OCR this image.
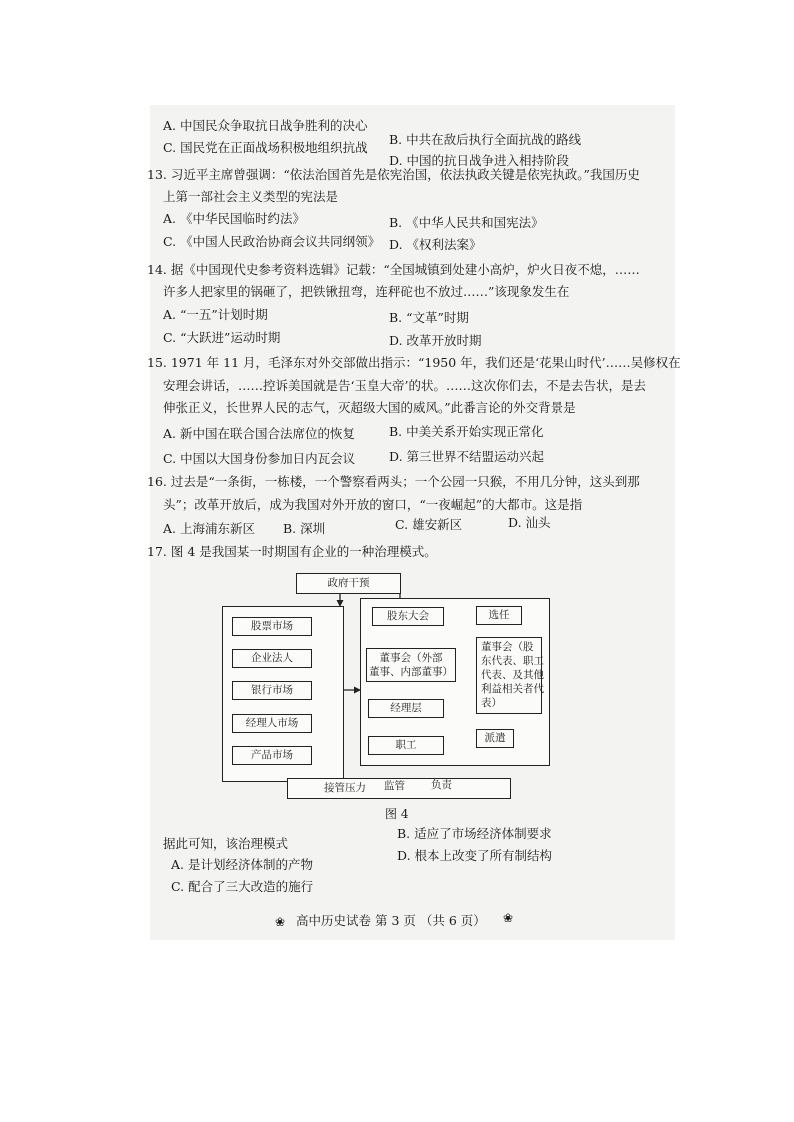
A. 中国民众争取抗日战争胜利的决心
B. 中共在敌后执行全面抗战的路线
C. 国民党在正面战场积极地组织抗战
D. 中国的抗日战争进入相持阶段
13. 习近平主席曾强调：“依法治国首先是依宪治国，依法执政关键是依宪执政。”我国历史
上第一部社会主义类型的宪法是
A. 《中华民国临时约法》	B. 《中华人民共和国宪法》
C. 《中国人民政治协商会议共同纲领》 D. 《权利法案》
14. 据《中国现代史参考资料选辑》记载：“全国城镇到处建小高炉，炉火日夜不熄，……
许多人把家里的锅砸了，把铁锹扭弯，连秤砣也不放过……”该现象发生在
A. “一五”计划时期	B. “文革”时期
C. “大跃进”运动时期	D. 改革开放时期
15. 1971 年 11 月，毛泽东对外交部做出指示：“1950 年，我们还是‘花果山时代’……吴修权在
安理会讲话，……控诉美国就是告‘玉皇大帝’的状。……这次你们去，不是去告状，是去
伸张正义，长世界人民的志气，灭超级大国的威风。”此番言论的外交背景是
A. 新中国在联合国合法席位的恢复	B. 中美关系开始实现正常化
C. 中国以大国身份参加日内瓦会议	D. 第三世界不结盟运动兴起
16. 过去是“一条街，一栋楼，一个警察看两头；一个公园一只猴，不用几分钟，这头到那
头”；改革开放后，成为我国对外开放的窗口，“一夜崛起”的大都市。这是指
A. 上海浦东新区 B. 深圳	C. 雄安新区	D. 汕头
17. 图 4 是我国某一时期国有企业的一种治理模式。
政府干预
股票市场
企业法人
银行市场
经理人市场
产品市场
股东大会	选任
董事会（外部
董事、内部董事）
董事会（股
东代表、职工
代表、及其他
利益相关者代
表）
经理层
职工
派遣
接管压力 监管 负责
图 4
据此可知，该治理模式
B. 适应了市场经济体制要求
A. 是计划经济体制的产物
D. 根本上改变了所有制结构
C. 配合了三大改造的施行
❀ 高中历史试卷 第 3 页 （共 6 页） ❀
